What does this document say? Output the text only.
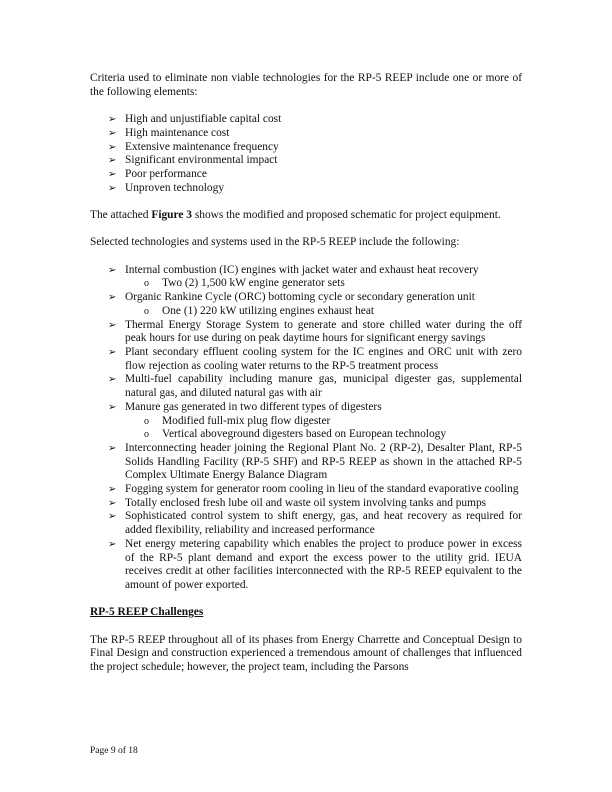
Criteria used to eliminate non viable technologies for the RP-5 REEP include one or more of the following elements:

➢ High and unjustifiable capital cost
➢ High maintenance cost
➢ Extensive maintenance frequency
➢ Significant environmental impact
➢ Poor performance
➢ Unproven technology

The attached Figure 3 shows the modified and proposed schematic for project equipment.

Selected technologies and systems used in the RP-5 REEP include the following:

➢ Internal combustion (IC) engines with jacket water and exhaust heat recovery
o Two (2) 1,500 kW engine generator sets
➢ Organic Rankine Cycle (ORC) bottoming cycle or secondary generation unit
o One (1) 220 kW utilizing engines exhaust heat
➢ Thermal Energy Storage System to generate and store chilled water during the off peak hours for use during on peak daytime hours for significant energy savings
➢ Plant secondary effluent cooling system for the IC engines and ORC unit with zero flow rejection as cooling water returns to the RP-5 treatment process
➢ Multi-fuel capability including manure gas, municipal digester gas, supplemental natural gas, and diluted natural gas with air
➢ Manure gas generated in two different types of digesters
o Modified full-mix plug flow digester
o Vertical aboveground digesters based on European technology
➢ Interconnecting header joining the Regional Plant No. 2 (RP-2), Desalter Plant, RP-5 Solids Handling Facility (RP-5 SHF) and RP-5 REEP as shown in the attached RP-5 Complex Ultimate Energy Balance Diagram
➢ Fogging system for generator room cooling in lieu of the standard evaporative cooling
➢ Totally enclosed fresh lube oil and waste oil system involving tanks and pumps
➢ Sophisticated control system to shift energy, gas, and heat recovery as required for added flexibility, reliability and increased performance
➢ Net energy metering capability which enables the project to produce power in excess of the RP-5 plant demand and export the excess power to the utility grid. IEUA receives credit at other facilities interconnected with the RP-5 REEP equivalent to the amount of power exported.

RP-5 REEP Challenges

The RP-5 REEP throughout all of its phases from Energy Charrette and Conceptual Design to Final Design and construction experienced a tremendous amount of challenges that influenced the project schedule; however, the project team, including the Parsons

Page 9 of 18
